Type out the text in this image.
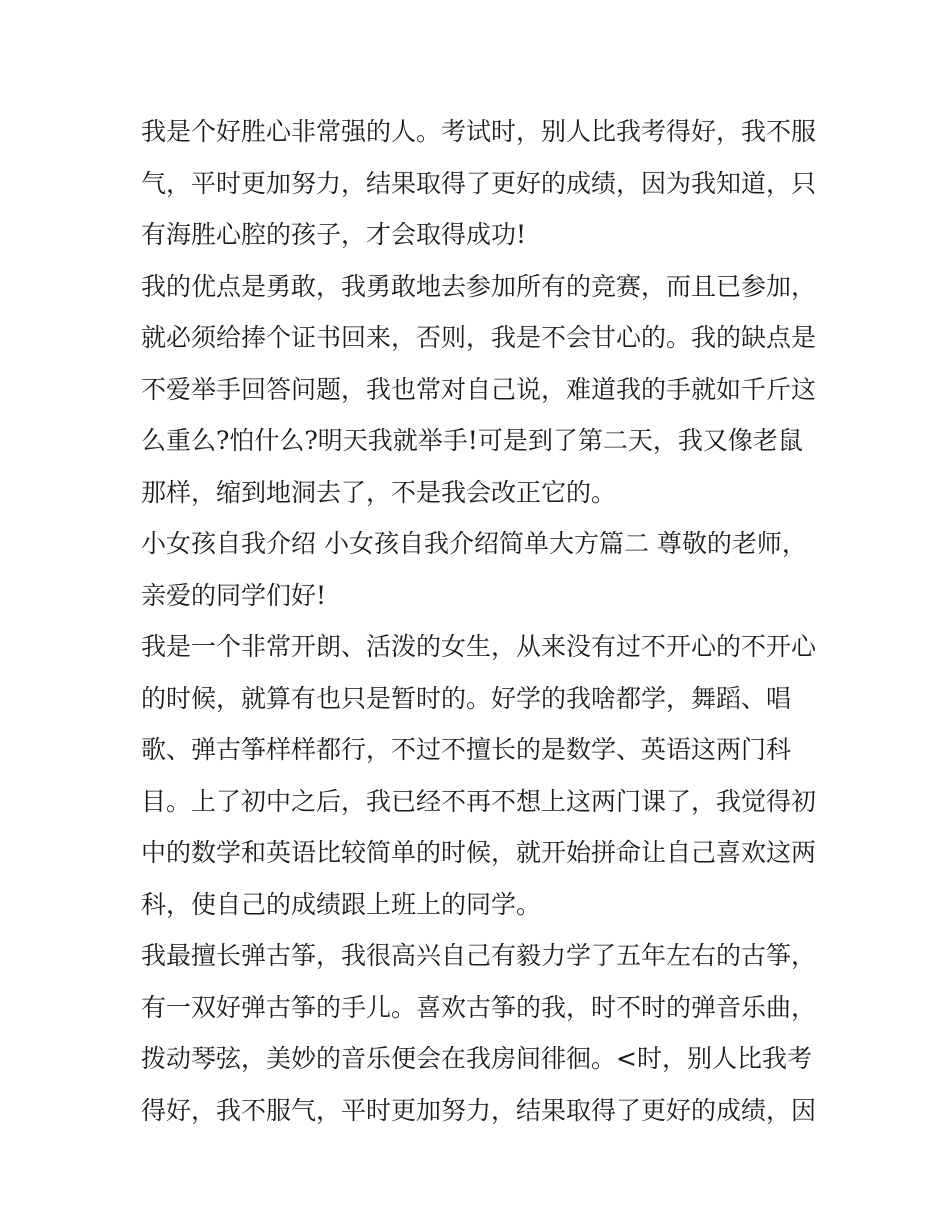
我是个好胜心非常强的人。考试时，别人比我考得好，我不服
气，平时更加努力，结果取得了更好的成绩，因为我知道，只
有海胜心腔的孩子，才会取得成功!
我的优点是勇敢，我勇敢地去参加所有的竞赛，而且已参加，
就必须给捧个证书回来，否则，我是不会甘心的。我的缺点是
不爱举手回答问题，我也常对自己说，难道我的手就如千斤这
么重么?怕什么?明天我就举手!可是到了第二天，我又像老鼠
那样，缩到地洞去了，不是我会改正它的。
小女孩自我介绍 小女孩自我介绍简单大方篇二 尊敬的老师，
亲爱的同学们好!
我是一个非常开朗、活泼的女生，从来没有过不开心的不开心
的时候，就算有也只是暂时的。好学的我啥都学，舞蹈、唱
歌、弹古筝样样都行，不过不擅长的是数学、英语这两门科
目。上了初中之后，我已经不再不想上这两门课了，我觉得初
中的数学和英语比较简单的时候，就开始拼命让自己喜欢这两
科，使自己的成绩跟上班上的同学。
我最擅长弹古筝，我很高兴自己有毅力学了五年左右的古筝，
有一双好弹古筝的手儿。喜欢古筝的我，时不时的弹音乐曲，
拨动琴弦，美妙的音乐便会在我房间徘徊。<时，别人比我考
得好，我不服气，平时更加努力，结果取得了更好的成绩，因
